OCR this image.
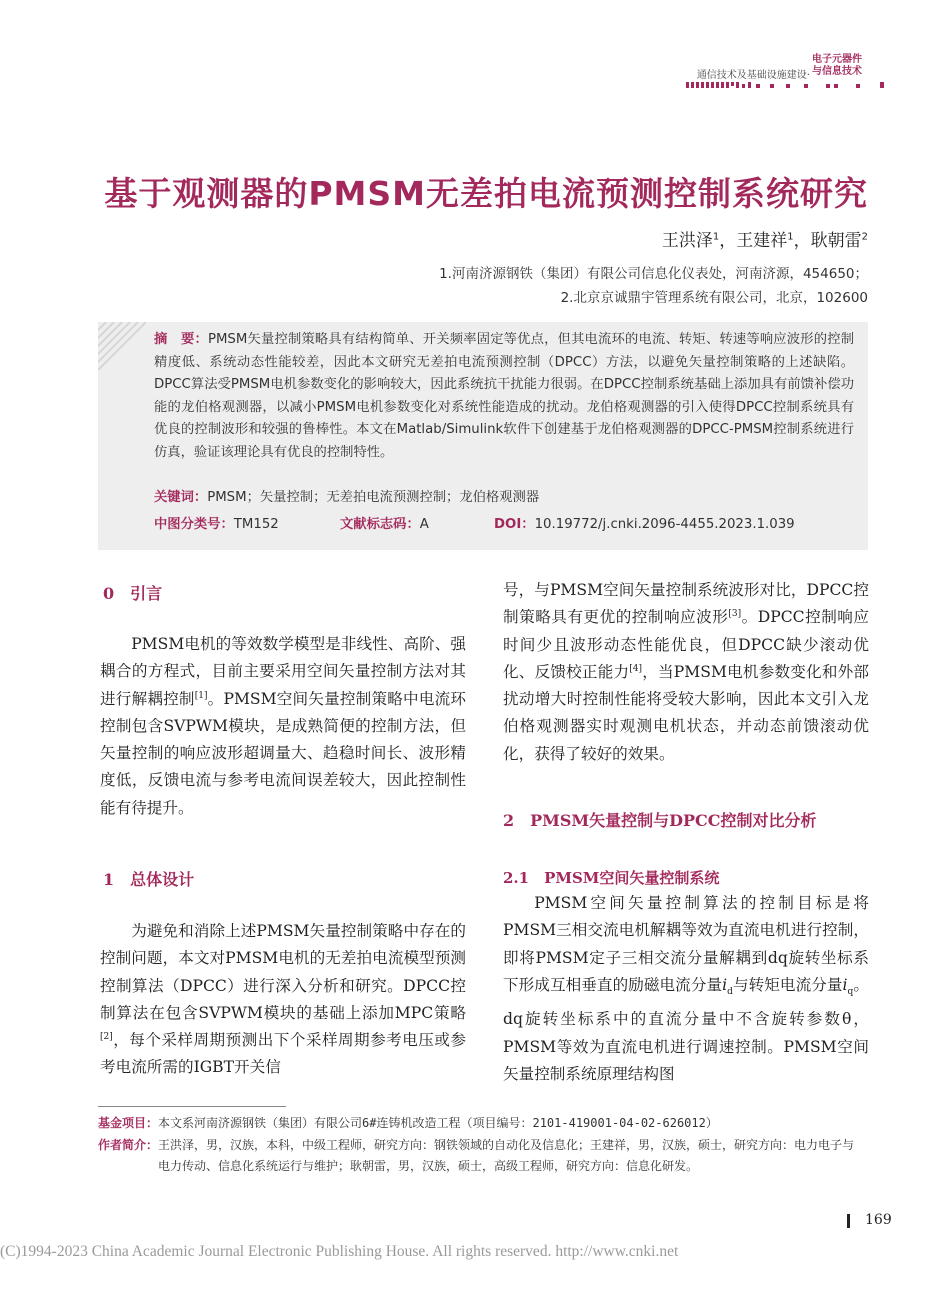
通信技术及基础设施建设·
电子元器件
与信息技术
基于观测器的PMSM无差拍电流预测控制系统研究
王洪泽$^1$，王建祥$^1$，耿朝雷$^2$
1.河南济源钢铁（集团）有限公司信息化仪表处，河南济源，454650；
2.北京京诚鼎宇管理系统有限公司，北京，102600
摘　要：PMSM矢量控制策略具有结构简单、开关频率固定等优点，但其电流环的电流、转矩、转速等响应波形的控制精度低、系统动态性能较差，因此本文研究无差拍电流预测控制（DPCC）方法，以避免矢量控制策略的上述缺陷。DPCC算法受PMSM电机参数变化的影响较大，因此系统抗干扰能力很弱。在DPCC控制系统基础上添加具有前馈补偿功能的龙伯格观测器，以减小PMSM电机参数变化对系统性能造成的扰动。龙伯格观测器的引入使得DPCC控制系统具有优良的控制波形和较强的鲁棒性。本文在Matlab/Simulink软件下创建基于龙伯格观测器的DPCC-PMSM控制系统进行仿真，验证该理论具有优良的控制特性。
关键词：PMSM；矢量控制；无差拍电流预测控制；龙伯格观测器
中图分类号：TM152	文献标志码：A	DOI：10.19772/j.cnki.2096-4455.2023.1.039
0　引言
PMSM电机的等效数学模型是非线性、高阶、强耦合的方程式，目前主要采用空间矢量控制方法对其进行解耦控制[1]。PMSM空间矢量控制策略中电流环控制包含SVPWM模块，是成熟简便的控制方法，但矢量控制的响应波形超调量大、趋稳时间长、波形精度低，反馈电流与参考电流间误差较大，因此控制性能有待提升。
1　总体设计
为避免和消除上述PMSM矢量控制策略中存在的控制问题，本文对PMSM电机的无差拍电流模型预测控制算法（DPCC）进行深入分析和研究。DPCC控制算法在包含SVPWM模块的基础上添加MPC策略[2]，每个采样周期预测出下个采样周期参考电压或参考电流所需的IGBT开关信
号，与PMSM空间矢量控制系统波形对比，DPCC控制策略具有更优的控制响应波形[3]。DPCC控制响应时间少且波形动态性能优良，但DPCC缺少滚动优化、反馈校正能力[4]，当PMSM电机参数变化和外部扰动增大时控制性能将受较大影响，因此本文引入龙伯格观测器实时观测电机状态，并动态前馈滚动优化，获得了较好的效果。
2　PMSM矢量控制与DPCC控制对比分析
2.1　PMSM空间矢量控制系统
PMSM空间矢量控制算法的控制目标是将PMSM三相交流电机解耦等效为直流电机进行控制，即将PMSM定子三相交流分量解耦到dq旋转坐标系下形成互相垂直的励磁电流分量$i_d$与转矩电流分量$i_q$。dq旋转坐标系中的直流分量中不含旋转参数θ，PMSM等效为直流电机进行调速控制。PMSM空间矢量控制系统原理结构图
基金项目：本文系河南济源钢铁（集团）有限公司6#连铸机改造工程（项目编号：2101-419001-04-02-626012）
作者简介：王洪泽，男，汉族，本科，中级工程师，研究方向：钢铁领域的自动化及信息化；王建祥，男，汉族，硕士，研究方向：电力电子与电力传动、信息化系统运行与维护；耿朝雷，男，汉族，硕士，高级工程师，研究方向：信息化研发。
169
(C)1994-2023 China Academic Journal Electronic Publishing House. All rights reserved. http://www.cnki.net
